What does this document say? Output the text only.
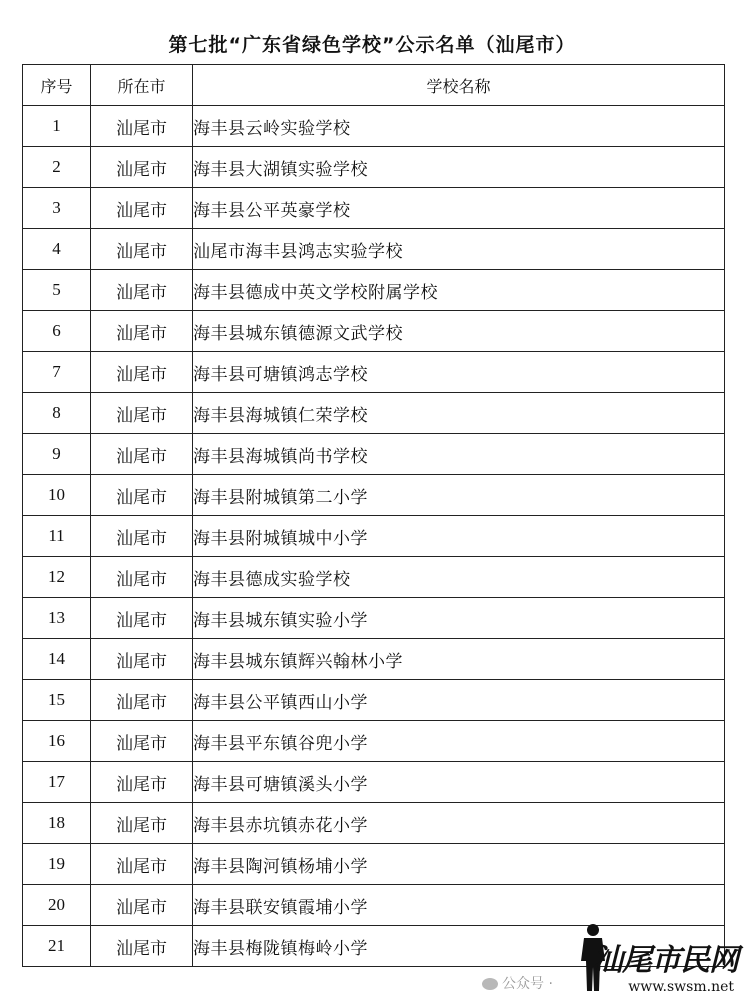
第七批“广东省绿色学校”公示名单（汕尾市）
序号	所在市	学校名称
1	汕尾市	海丰县云岭实验学校
2	汕尾市	海丰县大湖镇实验学校
3	汕尾市	海丰县公平英豪学校
4	汕尾市	汕尾市海丰县鸿志实验学校
5	汕尾市	海丰县德成中英文学校附属学校
6	汕尾市	海丰县城东镇德源文武学校
7	汕尾市	海丰县可塘镇鸿志学校
8	汕尾市	海丰县海城镇仁荣学校
9	汕尾市	海丰县海城镇尚书学校
10	汕尾市	海丰县附城镇第二小学
11	汕尾市	海丰县附城镇城中小学
12	汕尾市	海丰县德成实验学校
13	汕尾市	海丰县城东镇实验小学
14	汕尾市	海丰县城东镇辉兴翰林小学
15	汕尾市	海丰县公平镇西山小学
16	汕尾市	海丰县平东镇谷兜小学
17	汕尾市	海丰县可塘镇溪头小学
18	汕尾市	海丰县赤坑镇赤花小学
19	汕尾市	海丰县陶河镇杨埔小学
20	汕尾市	海丰县联安镇霞埔小学
21	汕尾市	海丰县梅陇镇梅岭小学
公众号 ·
汕尾市民网
www.swsm.net
